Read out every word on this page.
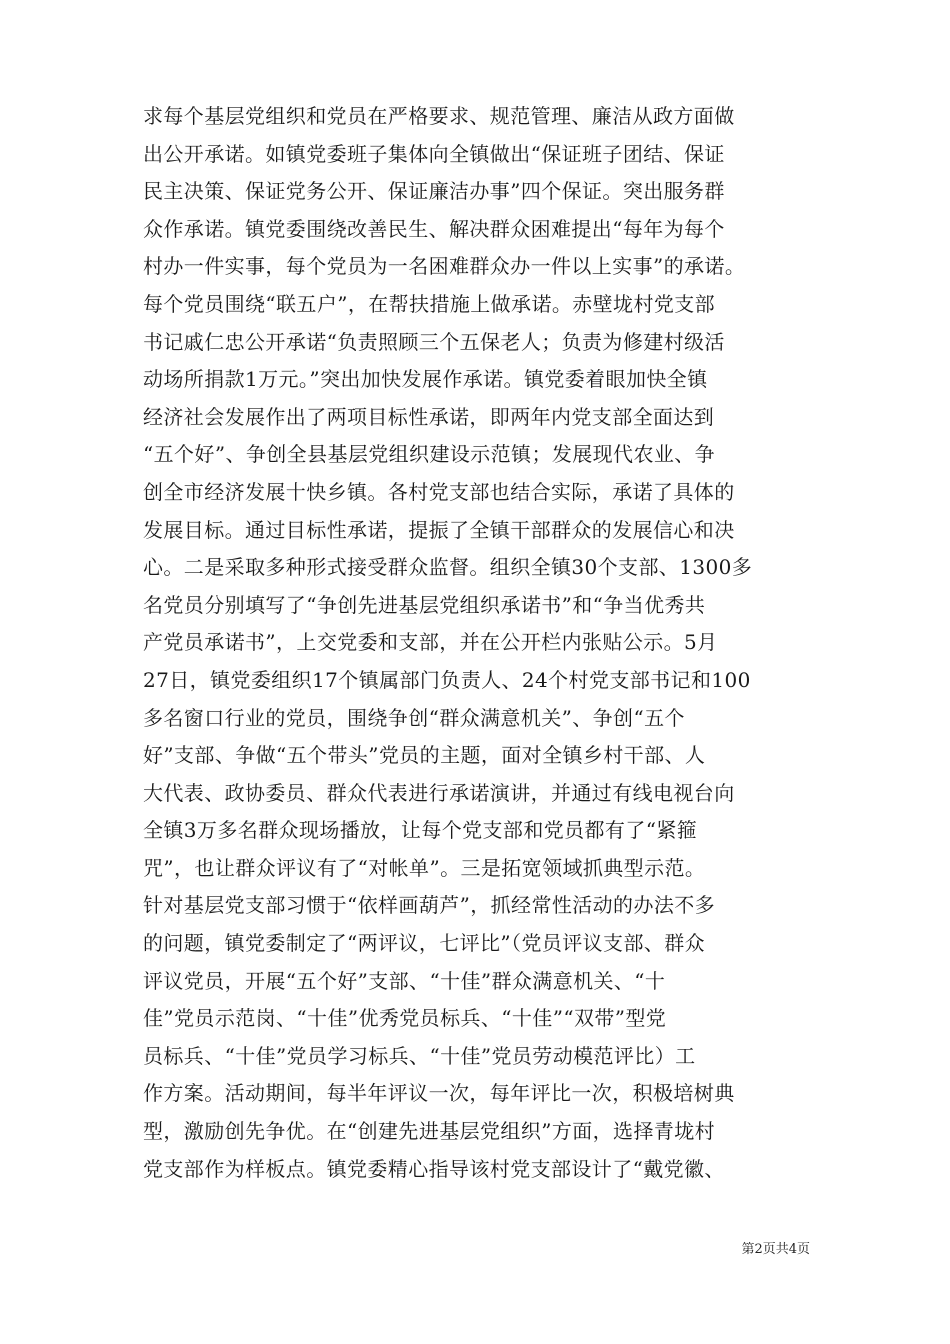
求每个基层党组织和党员在严格要求、规范管理、廉洁从政方面做
出公开承诺。如镇党委班子集体向全镇做出“保证班子团结、保证
民主决策、保证党务公开、保证廉洁办事”四个保证。突出服务群
众作承诺。镇党委围绕改善民生、解决群众困难提出“每年为每个
村办一件实事，每个党员为一名困难群众办一件以上实事”的承诺。
每个党员围绕“联五户”，在帮扶措施上做承诺。赤壁垅村党支部
书记戚仁忠公开承诺“负责照顾三个五保老人；负责为修建村级活
动场所捐款1万元。”突出加快发展作承诺。镇党委着眼加快全镇
经济社会发展作出了两项目标性承诺，即两年内党支部全面达到
“五个好”、争创全县基层党组织建设示范镇；发展现代农业、争
创全市经济发展十快乡镇。各村党支部也结合实际，承诺了具体的
发展目标。通过目标性承诺，提振了全镇干部群众的发展信心和决
心。二是采取多种形式接受群众监督。组织全镇30个支部、1300多
名党员分别填写了“争创先进基层党组织承诺书”和“争当优秀共
产党员承诺书”，上交党委和支部，并在公开栏内张贴公示。5月
27日，镇党委组织17个镇属部门负责人、24个村党支部书记和100
多名窗口行业的党员，围绕争创“群众满意机关”、争创“五个
好”支部、争做“五个带头”党员的主题，面对全镇乡村干部、人
大代表、政协委员、群众代表进行承诺演讲，并通过有线电视台向
全镇3万多名群众现场播放，让每个党支部和党员都有了“紧箍
咒”，也让群众评议有了“对帐单”。三是拓宽领域抓典型示范。
针对基层党支部习惯于“依样画葫芦”，抓经常性活动的办法不多
的问题，镇党委制定了“两评议，七评比”（党员评议支部、群众
评议党员，开展“五个好”支部、“十佳”群众满意机关、“十
佳”党员示范岗、“十佳”优秀党员标兵、“十佳”“双带”型党
员标兵、“十佳”党员学习标兵、“十佳”党员劳动模范评比）工
作方案。活动期间，每半年评议一次，每年评比一次，积极培树典
型，激励创先争优。在“创建先进基层党组织”方面，选择青垅村
党支部作为样板点。镇党委精心指导该村党支部设计了“戴党徽、
第2页共4页
